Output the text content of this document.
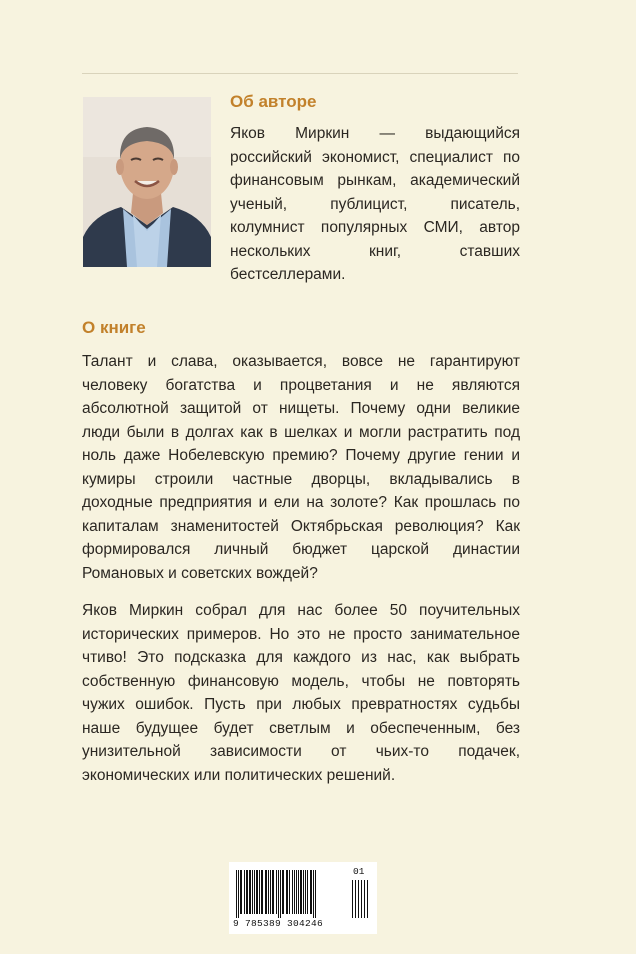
Об авторе

Яков Миркин — выдающийся российский экономист, специалист по финансовым рынкам, академический ученый, публицист, писатель, колумнист популярных СМИ, автор нескольких книг, ставших бестселлерами.

О книге

Талант и слава, оказывается, вовсе не гарантируют человеку богатства и процветания и не являются абсолютной защитой от нищеты. Почему одни великие люди были в долгах как в шелках и могли растратить под ноль даже Нобелевскую премию? Почему другие гении и кумиры строили частные дворцы, вкладывались в доходные предприятия и ели на золоте? Как прошлась по капиталам знаменитостей Октябрьская революция? Как формировался личный бюджет царской династии Романовых и советских вождей?

Яков Миркин собрал для нас более 50 поучительных исторических примеров. Но это не просто занимательное чтиво! Это подсказка для каждого из нас, как выбрать собственную финансовую модель, чтобы не повторять чужих ошибок. Пусть при любых превратностях судьбы наше будущее будет светлым и обеспеченным, без унизительной зависимости от чьих-то подачек, экономических или политических решений.

9 785389 304246
01
